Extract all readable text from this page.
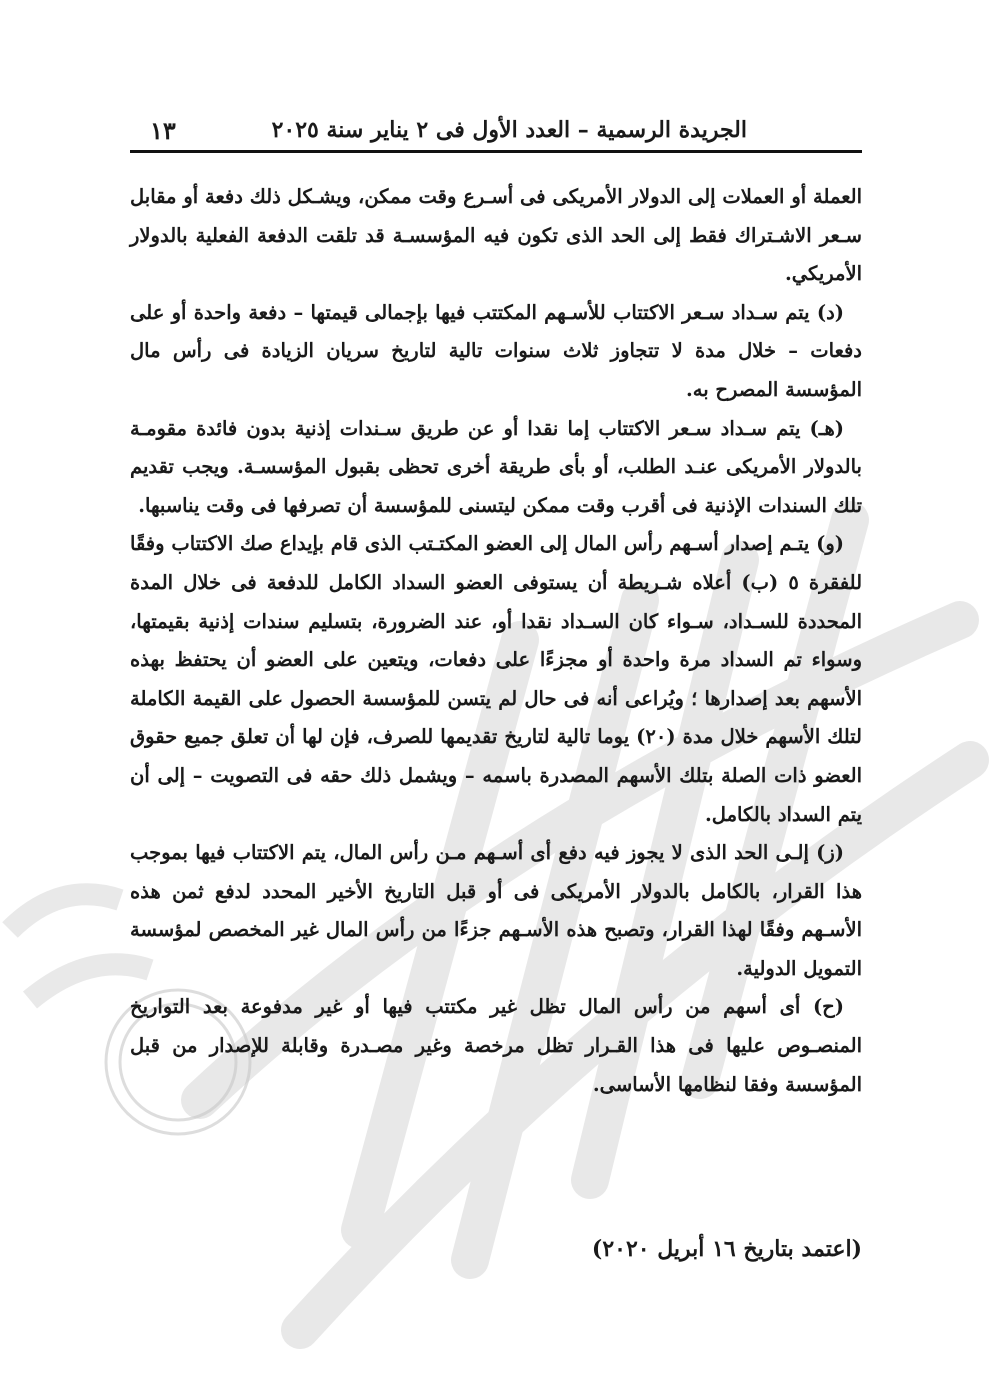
الجريدة الرسمية – العدد الأول فى ٢ يناير سنة ٢٠٢٥
١٣

العملة أو العملات إلى الدولار الأمريكى فى أسـرع وقت ممكن، ويشـكل ذلك دفعة أو مقابل سـعر الاشـتراك فقط إلى الحد الذى تكون فيه المؤسسـة قد تلقت الدفعة الفعلية بالدولار الأمريكي.

(د) يتم سـداد سـعر الاكتتاب للأسـهم المكتتب فيها بإجمالى قيمتها – دفعة واحدة أو على دفعات – خلال مدة لا تتجاوز ثلاث سنوات تالية لتاريخ سريان الزيادة فى رأس مال المؤسسة المصرح به.

(هـ) يتم سـداد سـعر الاكتتاب إما نقدا أو عن طريق سـندات إذنية بدون فائدة مقومـة بالدولار الأمريكى عنـد الطلب، أو بأى طريقة أخرى تحظى بقبول المؤسسـة. ويجب تقديم تلك السندات الإذنية فى أقرب وقت ممكن ليتسنى للمؤسسة أن تصرفها فى وقت يناسبها.

(و) يتـم إصدار أسـهم رأس المال إلى العضو المكتـتب الذى قام بإيداع صك الاكتتاب وفقًا للفقرة ٥ (ب) أعلاه شـريطة أن يستوفى العضو السداد الكامل للدفعة فى خلال المدة المحددة للسـداد، سـواء كان السـداد نقدا أو، عند الضرورة، بتسليم سندات إذنية بقيمتها، وسواء تم السداد مرة واحدة أو مجزءًا على دفعات، ويتعين على العضو أن يحتفظ بهذه الأسهم بعد إصدارها ؛ ويُراعى أنه فى حال لم يتسن للمؤسسة الحصول على القيمة الكاملة لتلك الأسهم خلال مدة (٢٠) يوما تالية لتاريخ تقديمها للصرف، فإن لها أن تعلق جميع حقوق العضو ذات الصلة بتلك الأسهم المصدرة باسمه – ويشمل ذلك حقه فى التصويت – إلى أن يتم السداد بالكامل.

(ز) إلـى الحد الذى لا يجوز فيه دفع أى أسـهم مـن رأس المال، يتم الاكتتاب فيها بموجب هذا القرار، بالكامل بالدولار الأمريكى فى أو قبل التاريخ الأخير المحدد لدفع ثمن هذه الأسـهم وفقًا لهذا القرار، وتصبح هذه الأسـهم جزءًا من رأس المال غير المخصص لمؤسسة التمويل الدولية.

(ح) أى أسهم من رأس المال تظل غير مكتتب فيها أو غير مدفوعة بعد التواريخ المنصـوص عليها فى هذا القـرار تظل مرخصة وغير مصـدرة وقابلة للإصدار من قبل المؤسسة وفقا لنظامها الأساسى.

(اعتمد بتاريخ ١٦ أبريل ٢٠٢٠)
